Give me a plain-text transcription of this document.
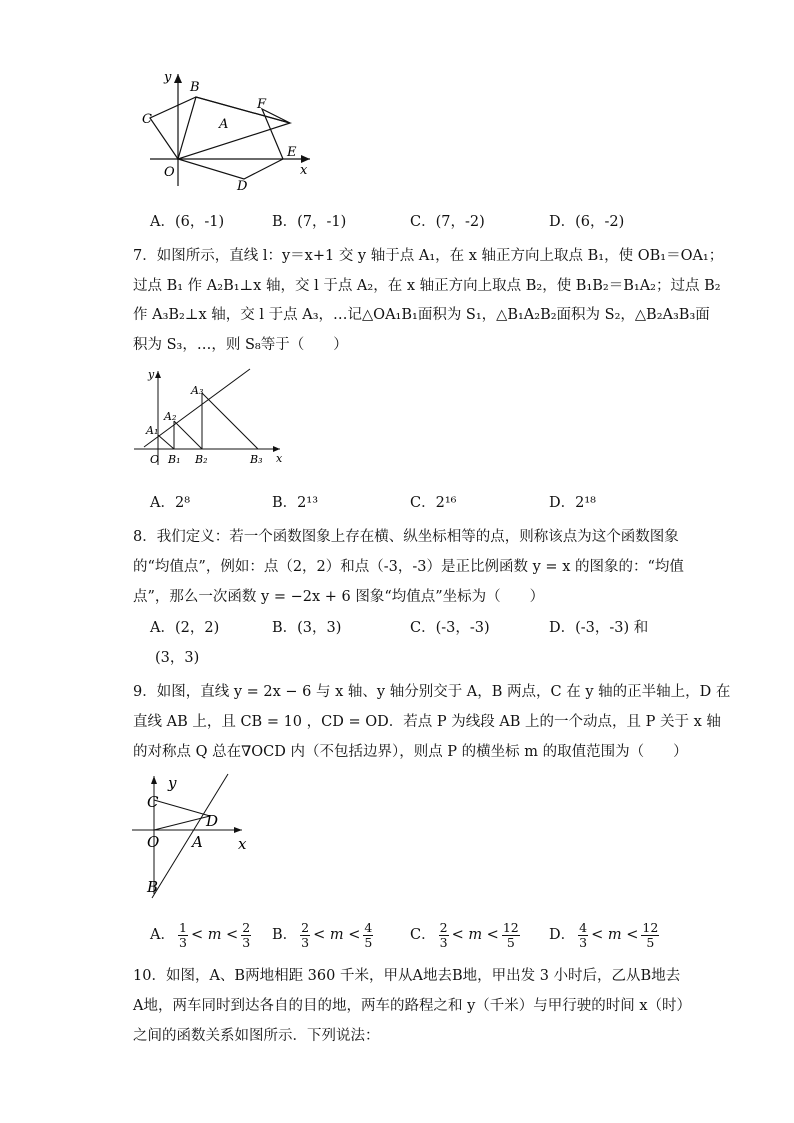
y
B
C	A
F
O
E
D
x
A．(6，-1)	B．(7，-1)	C．(7，-2)	D．(6，-2)
7．如图所示，直线 l：y＝x+1 交 y 轴于点 A₁，在 x 轴正方向上取点 B₁，使 OB₁＝OA₁；
过点 B₁ 作 A₂B₁⊥x 轴，交 l 于点 A₂，在 x 轴正方向上取点 B₂，使 B₁B₂＝B₁A₂；过点 B₂
作 A₃B₂⊥x 轴，交 l 于点 A₃，…记△OA₁B₁面积为 S₁，△B₁A₂B₂面积为 S₂，△B₂A₃B₃面
积为 S₃，…，则 S₈等于（　　）
y
A₃
A₂
A₁
O B₁ B₂	B₃ x
A．2⁸	B．2¹³	C．2¹⁶	D．2¹⁸
8．我们定义：若一个函数图象上存在横、纵坐标相等的点，则称该点为这个函数图象
的“均值点”，例如：点（2，2）和点（-3，-3）是正比例函数 y = x 的图象的：“均值
点”，那么一次函数 y = −2x + 6 图象“均值点”坐标为（　　）
A．(2，2)	B．(3，3)	C．(-3，-3)	D．(-3，-3) 和
(3，3)
9．如图，直线 y = 2x − 6 与 x 轴、y 轴分别交于 A，B 两点，C 在 y 轴的正半轴上，D 在
直线 AB 上，且 CB = 10 ，CD = OD．若点 P 为线段 AB 上的一个动点，且 P 关于 x 轴
的对称点 Q 总在∇OCD 内（不包括边界），则点 P 的横坐标 m 的取值范围为（　　）
y
C
D
O A x
B
A． $\frac{1}{3} < m < \frac{2}{3}$ B． $\frac{2}{3} < m < \frac{4}{5}$	C． $\frac{2}{3} < m < \frac{12}{5}$ D． $\frac{4}{3} < m < \frac{12}{5}$
10．如图，A、B两地相距 360 千米，甲从A地去B地，甲出发 3 小时后，乙从B地去
A地，两车同时到达各自的目的地，两车的路程之和 y（千米）与甲行驶的时间 x（时）
之间的函数关系如图所示．下列说法：
